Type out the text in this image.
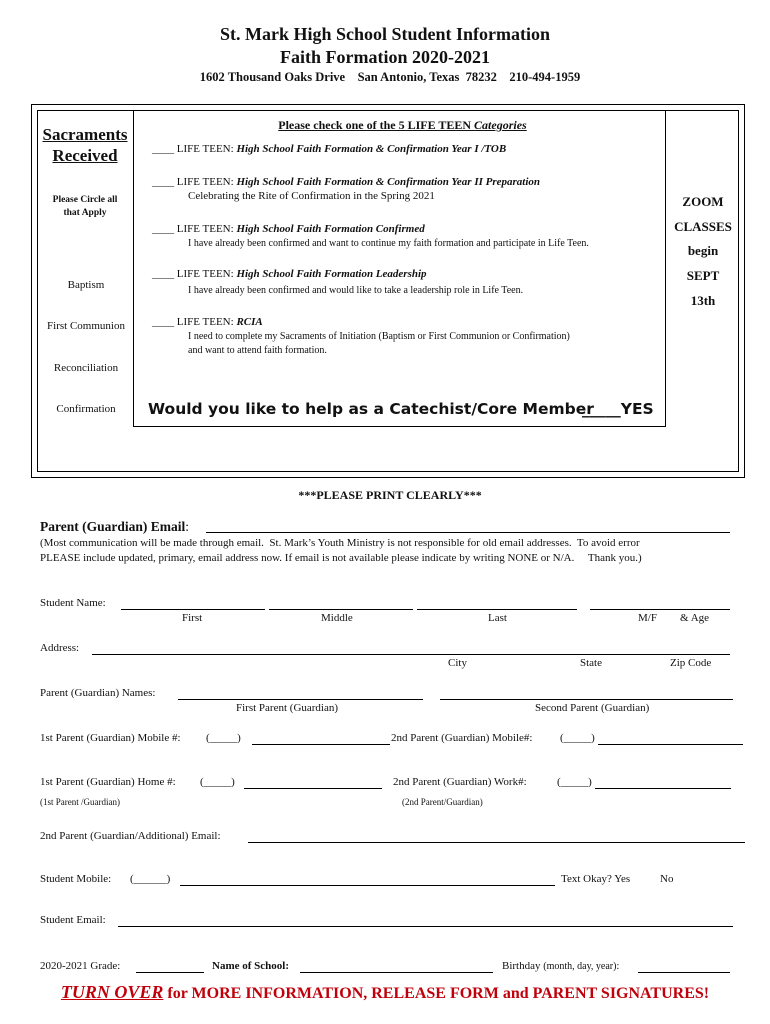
St. Mark High School Student Information
Faith Formation 2020-2021
1602 Thousand Oaks Drive    San Antonio, Texas  78232    210-494-1959
Sacraments
Received
Please Circle all
that Apply
Baptism
First Communion
Reconciliation
Confirmation
Please check one of the 5 LIFE TEEN Categories
____ LIFE TEEN: High School Faith Formation & Confirmation Year I /TOB
____ LIFE TEEN: High School Faith Formation & Confirmation Year II Preparation
Celebrating the Rite of Confirmation in the Spring 2021
____ LIFE TEEN: High School Faith Formation Confirmed
I have already been confirmed and want to continue my faith formation and participate in Life Teen.
____ LIFE TEEN: High School Faith Formation Leadership
I have already been confirmed and would like to take a leadership role in Life Teen.
____ LIFE TEEN: RCIA
I need to complete my Sacraments of Initiation (Baptism or First Communion or Confirmation)
and want to attend faith formation.
ZOOM
CLASSES
begin
SEPT
13th
Would you like to help as a Catechist/Core Member
_____YES
***PLEASE PRINT CLEARLY***
Parent (Guardian) Email:
(Most communication will be made through email.  St. Mark’s Youth Ministry is not responsible for old email addresses.  To avoid error
PLEASE include updated, primary, email address now. If email is not available please indicate by writing NONE or N/A.     Thank you.)
Student Name:
First	Middle	Last	M/F & Age
Address:
City	State	Zip Code
Parent (Guardian) Names:
First Parent (Guardian)	Second Parent (Guardian)
1st Parent (Guardian) Mobile #: (_____)	2nd Parent (Guardian) Mobile#:	(_____)
1st Parent (Guardian) Home #: (_____)	2nd Parent (Guardian) Work#:	(_____)
(1st Parent /Guardian)	(2nd Parent/Guardian)
2nd Parent (Guardian/Additional) Email:
Student Mobile: (______)	Text Okay? Yes	No
Student Email:
2020-2021 Grade:	Name of School:	Birthday (month, day, year):
TURN OVER for MORE INFORMATION, RELEASE FORM and PARENT SIGNATURES!
